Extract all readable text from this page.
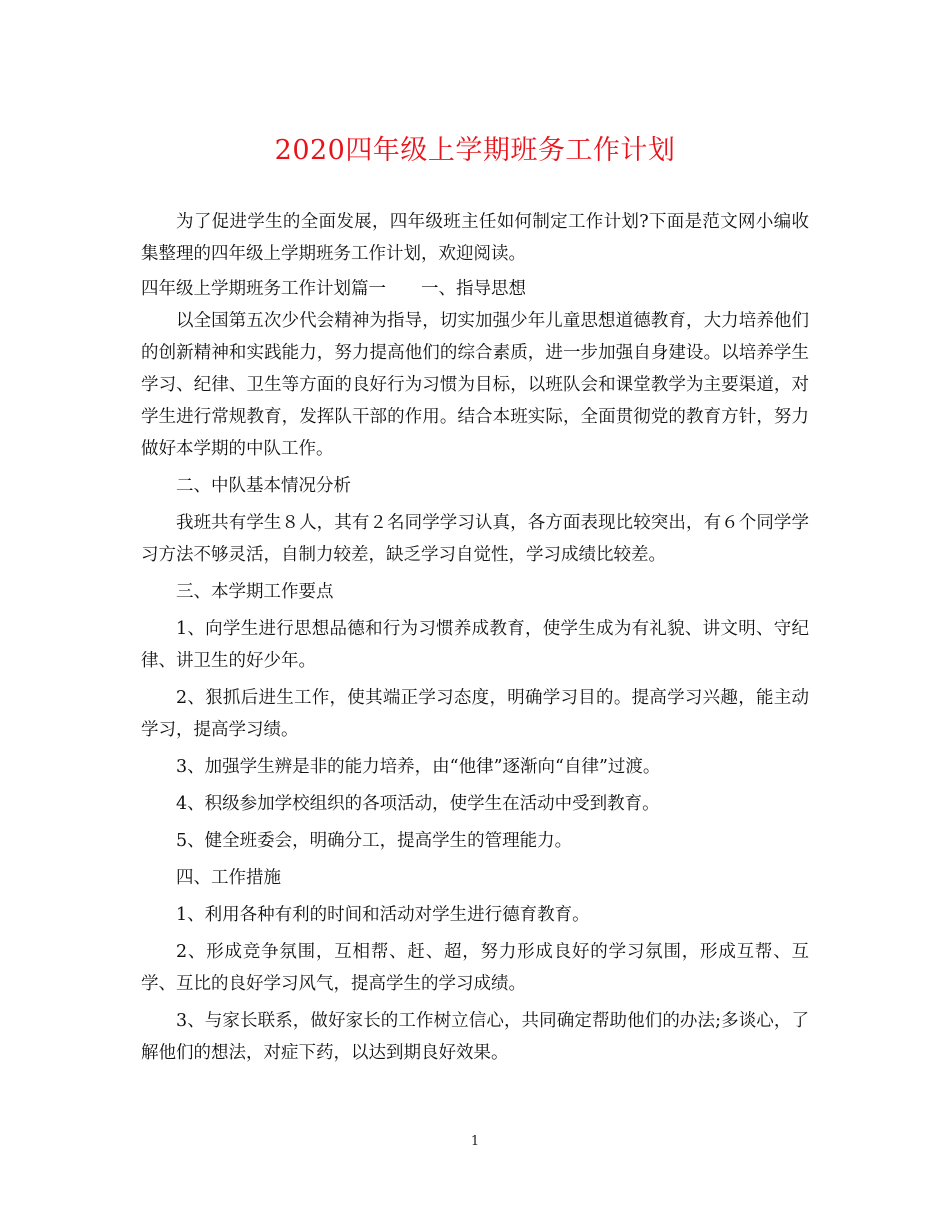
2020四年级上学期班务工作计划

为了促进学生的全面发展，四年级班主任如何制定工作计划?下面是范文网小编收集整理的四年级上学期班务工作计划，欢迎阅读。

四年级上学期班务工作计划篇一　　一、指导思想

以全国第五次少代会精神为指导，切实加强少年儿童思想道德教育，大力培养他们的创新精神和实践能力，努力提高他们的综合素质，进一步加强自身建设。以培养学生学习、纪律、卫生等方面的良好行为习惯为目标，以班队会和课堂教学为主要渠道，对学生进行常规教育，发挥队干部的作用。结合本班实际，全面贯彻党的教育方针，努力做好本学期的中队工作。

二、中队基本情况分析

我班共有学生８人，其有２名同学学习认真，各方面表现比较突出，有６个同学学习方法不够灵活，自制力较差，缺乏学习自觉性，学习成绩比较差。

三、本学期工作要点

1、向学生进行思想品德和行为习惯养成教育，使学生成为有礼貌、讲文明、守纪律、讲卫生的好少年。

2、狠抓后进生工作，使其端正学习态度，明确学习目的。提高学习兴趣，能主动学习，提高学习绩。

3、加强学生辨是非的能力培养，由“他律”逐渐向“自律”过渡。

4、积级参加学校组织的各项活动，使学生在活动中受到教育。

5、健全班委会，明确分工，提高学生的管理能力。

四、工作措施

1、利用各种有利的时间和活动对学生进行德育教育。

2、形成竞争氛围，互相帮、赶、超，努力形成良好的学习氛围，形成互帮、互学、互比的良好学习风气，提高学生的学习成绩。

3、与家长联系，做好家长的工作树立信心，共同确定帮助他们的办法;多谈心，了解他们的想法，对症下药，以达到期良好效果。

1
